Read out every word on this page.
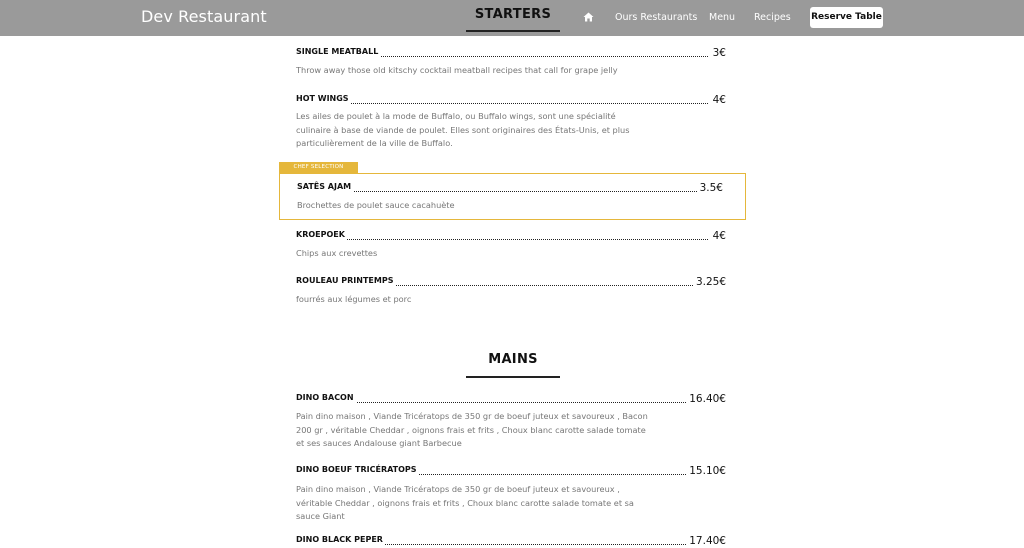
Dev Restaurant	Ours Restaurants Menu Recipes Reserve Table
STARTERS
SINGLE MEATBALL	3€
Throw away those old kitschy cocktail meatball recipes that call for grape jelly
HOT WINGS	4€
Les ailes de poulet à la mode de Buffalo, ou Buffalo wings, sont une spécialité culinaire à base de viande de poulet. Elles sont originaires des États-Unis, et plus particulièrement de la ville de Buffalo.
CHEF SELECTION
SATÊS AJAM	3.5€
Brochettes de poulet sauce cacahuète
KROEPOEK	4€
Chips aux crevettes
ROULEAU PRINTEMPS	3.25€
fourrés aux légumes et porc
MAINS
DINO BACON	16.40€
Pain dino maison , Viande Tricératops de 350 gr de boeuf juteux et savoureux , Bacon 200 gr , véritable Cheddar , oignons frais et frits , Choux blanc carotte salade tomate et ses sauces Andalouse giant Barbecue
DINO BOEUF TRICÉRATOPS	15.10€
Pain dino maison , Viande Tricératops de 350 gr de boeuf juteux et savoureux , véritable Cheddar , oignons frais et frits , Choux blanc carotte salade tomate et sa sauce Giant
DINO BLACK PEPER	17.40€
